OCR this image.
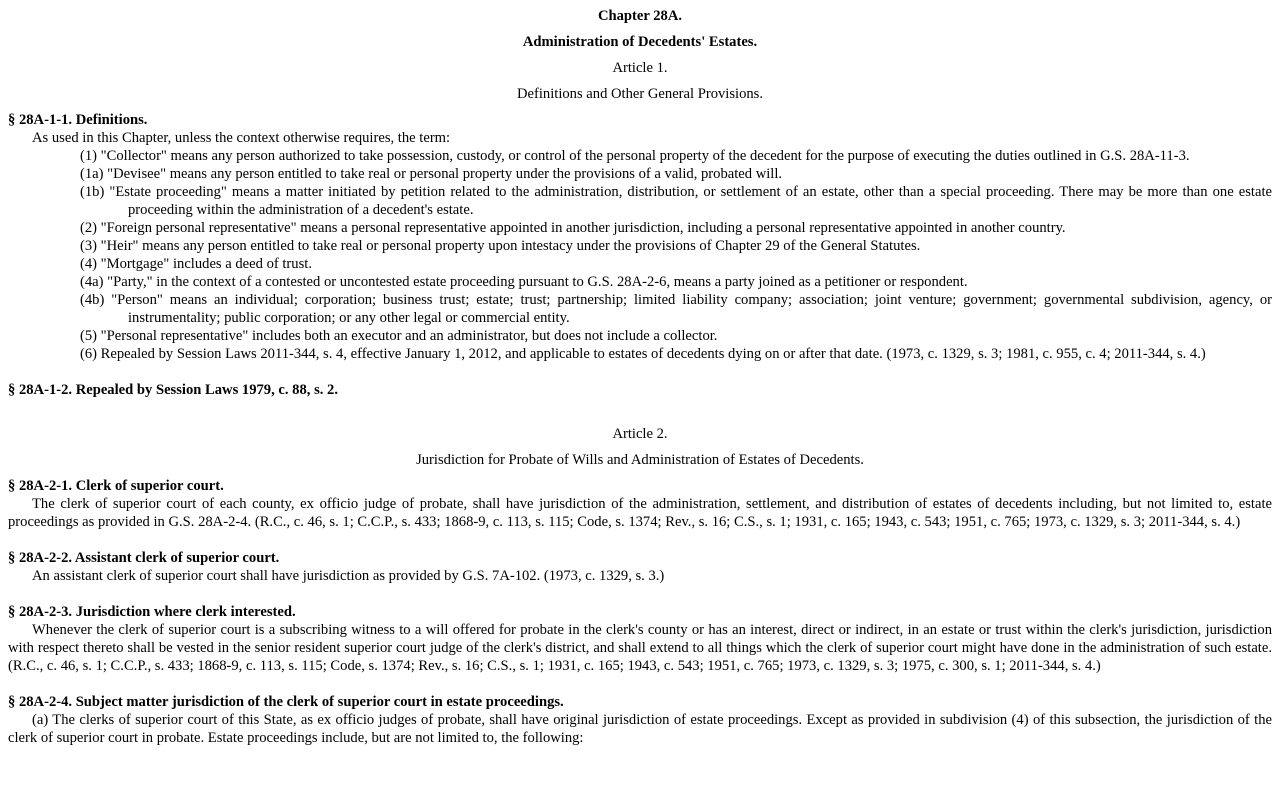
Chapter 28A.
Administration of Decedents' Estates.
Article 1.
Definitions and Other General Provisions.
§ 28A-1-1. Definitions.
As used in this Chapter, unless the context otherwise requires, the term:
(1) "Collector" means any person authorized to take possession, custody, or control of the personal property of the decedent for the purpose of executing the duties outlined in G.S. 28A-11-3.
(1a) "Devisee" means any person entitled to take real or personal property under the provisions of a valid, probated will.
(1b) "Estate proceeding" means a matter initiated by petition related to the administration, distribution, or settlement of an estate, other than a special proceeding. There may be more than one estate proceeding within the administration of a decedent's estate.
(2) "Foreign personal representative" means a personal representative appointed in another jurisdiction, including a personal representative appointed in another country.
(3) "Heir" means any person entitled to take real or personal property upon intestacy under the provisions of Chapter 29 of the General Statutes.
(4) "Mortgage" includes a deed of trust.
(4a) "Party," in the context of a contested or uncontested estate proceeding pursuant to G.S. 28A-2-6, means a party joined as a petitioner or respondent.
(4b) "Person" means an individual; corporation; business trust; estate; trust; partnership; limited liability company; association; joint venture; government; governmental subdivision, agency, or instrumentality; public corporation; or any other legal or commercial entity.
(5) "Personal representative" includes both an executor and an administrator, but does not include a collector.
(6) Repealed by Session Laws 2011-344, s. 4, effective January 1, 2012, and applicable to estates of decedents dying on or after that date. (1973, c. 1329, s. 3; 1981, c. 955, c. 4; 2011-344, s. 4.)
§ 28A-1-2. Repealed by Session Laws 1979, c. 88, s. 2.
Article 2.
Jurisdiction for Probate of Wills and Administration of Estates of Decedents.
§ 28A-2-1. Clerk of superior court.
The clerk of superior court of each county, ex officio judge of probate, shall have jurisdiction of the administration, settlement, and distribution of estates of decedents including, but not limited to, estate proceedings as provided in G.S. 28A-2-4. (R.C., c. 46, s. 1; C.C.P., s. 433; 1868-9, c. 113, s. 115; Code, s. 1374; Rev., s. 16; C.S., s. 1; 1931, c. 165; 1943, c. 543; 1951, c. 765; 1973, c. 1329, s. 3; 2011-344, s. 4.)
§ 28A-2-2. Assistant clerk of superior court.
An assistant clerk of superior court shall have jurisdiction as provided by G.S. 7A-102. (1973, c. 1329, s. 3.)
§ 28A-2-3. Jurisdiction where clerk interested.
Whenever the clerk of superior court is a subscribing witness to a will offered for probate in the clerk's county or has an interest, direct or indirect, in an estate or trust within the clerk's jurisdiction, jurisdiction with respect thereto shall be vested in the senior resident superior court judge of the clerk's district, and shall extend to all things which the clerk of superior court might have done in the administration of such estate. (R.C., c. 46, s. 1; C.C.P., s. 433; 1868-9, c. 113, s. 115; Code, s. 1374; Rev., s. 16; C.S., s. 1; 1931, c. 165; 1943, c. 543; 1951, c. 765; 1973, c. 1329, s. 3; 1975, c. 300, s. 1; 2011-344, s. 4.)
§ 28A-2-4. Subject matter jurisdiction of the clerk of superior court in estate proceedings.
(a) The clerks of superior court of this State, as ex officio judges of probate, shall have original jurisdiction of estate proceedings. Except as provided in subdivision (4) of this subsection, the jurisdiction of the clerk of superior court in probate. Estate proceedings include, but are not limited to, the following:
